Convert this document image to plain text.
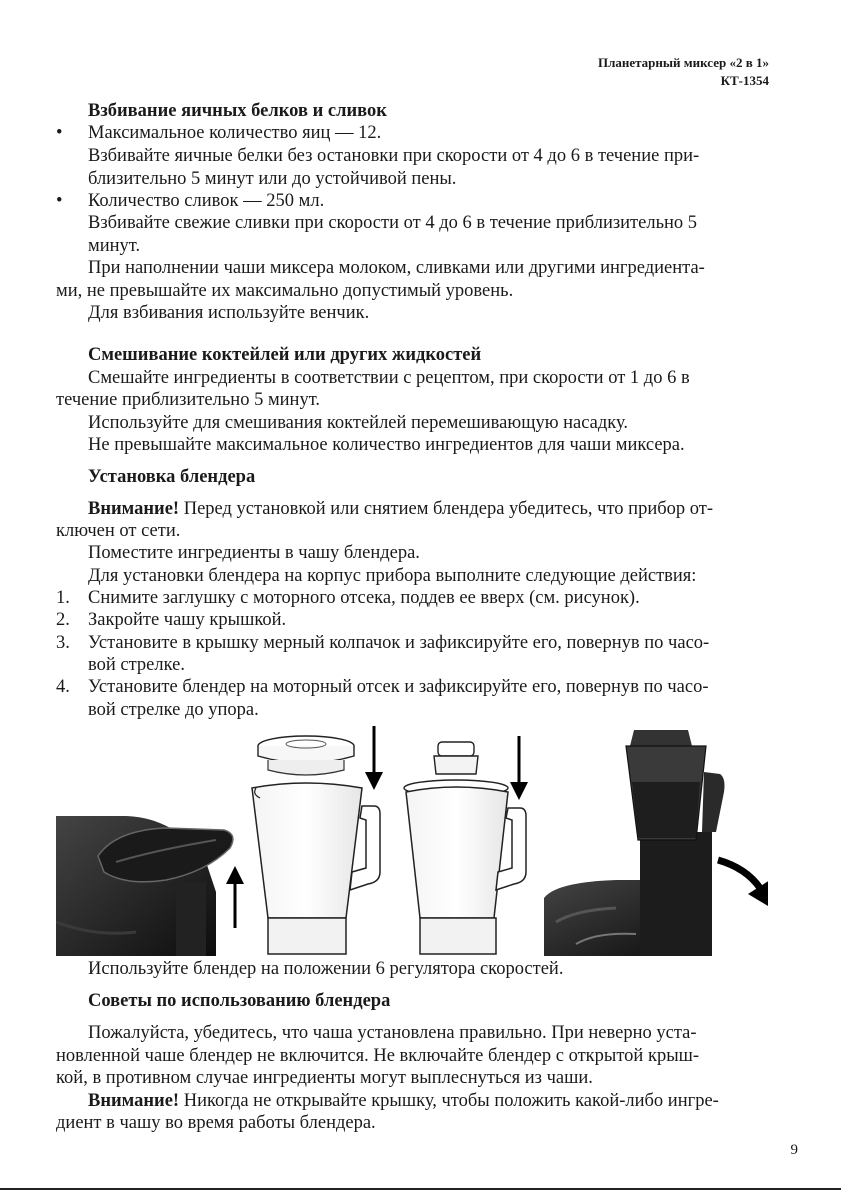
Планетарный миксер «2 в 1»
КТ-1354
Взбивание яичных белков и сливок
• Максимальное количество яиц — 12.
Взбивайте яичные белки без остановки при скорости от 4 до 6 в течение при-
близительно 5 минут или до устойчивой пены.
• Количество сливок — 250 мл.
Взбивайте свежие сливки при скорости от 4 до 6 в течение приблизительно 5
минут.
При наполнении чаши миксера молоком, сливками или другими ингредиента-
ми, не превышайте их максимально допустимый уровень.
Для взбивания используйте венчик.
Смешивание коктейлей или других жидкостей
Смешайте ингредиенты в соответствии с рецептом, при скорости от 1 до 6 в
течение приблизительно 5 минут.
Используйте для смешивания коктейлей перемешивающую насадку.
Не превышайте максимальное количество ингредиентов для чаши миксера.
Установка блендера
Внимание! Перед установкой или снятием блендера убедитесь, что прибор от-
ключен от сети.
Поместите ингредиенты в чашу блендера.
Для установки блендера на корпус прибора выполните следующие действия:
1. Снимите заглушку с моторного отсека, поддев ее вверх (см. рисунок).
2. Закройте чашу крышкой.
3. Установите в крышку мерный колпачок и зафиксируйте его, повернув по часо-
вой стрелке.
4. Установите блендер на моторный отсек и зафиксируйте его, повернув по часо-
вой стрелке до упора.
Используйте блендер на положении 6 регулятора скоростей.
Советы по использованию блендера
Пожалуйста, убедитесь, что чаша установлена правильно. При неверно уста-
новленной чаше блендер не включится. Не включайте блендер с открытой крыш-
кой, в противном случае ингредиенты могут выплеснуться из чаши.
Внимание! Никогда не открывайте крышку, чтобы положить какой-либо ингре-
диент в чашу во время работы блендера.
9
